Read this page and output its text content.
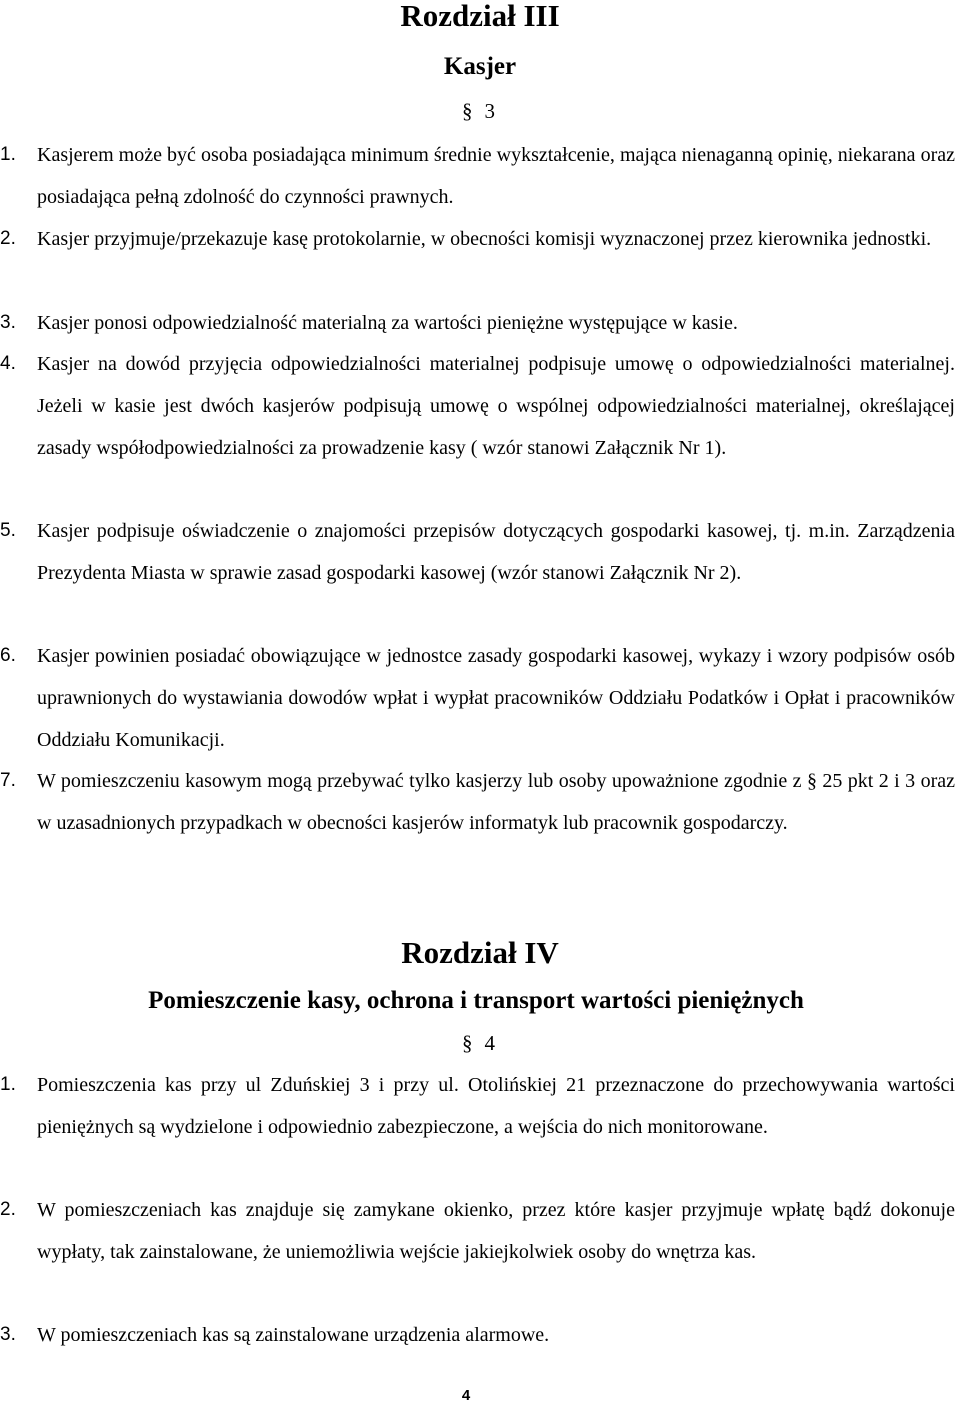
Rozdział III
Kasjer
§ 3
1.	Kasjerem może być osoba posiadająca minimum średnie wykształcenie, mająca nienaganną opinię, niekarana oraz posiadająca pełną zdolność do czynności prawnych.
2.	Kasjer przyjmuje/przekazuje kasę protokolarnie, w obecności komisji wyznaczonej przez kierownika jednostki.
3.	Kasjer ponosi odpowiedzialność materialną za wartości pieniężne występujące w kasie.
4.	Kasjer na dowód przyjęcia odpowiedzialności materialnej podpisuje umowę o odpowiedzialności materialnej. Jeżeli w kasie jest dwóch kasjerów podpisują umowę o wspólnej odpowiedzialności materialnej, określającej zasady współodpowiedzialności za prowadzenie kasy ( wzór stanowi Załącznik Nr 1).
5.	Kasjer podpisuje oświadczenie o znajomości przepisów dotyczących gospodarki kasowej, tj. m.in. Zarządzenia Prezydenta Miasta w sprawie zasad gospodarki kasowej (wzór stanowi Załącznik Nr 2).
6.	Kasjer powinien posiadać obowiązujące w jednostce zasady gospodarki kasowej, wykazy i wzory podpisów osób uprawnionych do wystawiania dowodów wpłat i wypłat pracowników Oddziału Podatków i Opłat i pracowników Oddziału Komunikacji.
7.	W pomieszczeniu kasowym mogą przebywać tylko kasjerzy lub osoby upoważnione zgodnie z § 25 pkt 2 i 3 oraz w uzasadnionych przypadkach w obecności kasjerów informatyk lub pracownik gospodarczy.
Rozdział IV
Pomieszczenie kasy, ochrona i transport wartości pieniężnych
§ 4
1.	Pomieszczenia kas przy ul Zduńskiej 3 i przy ul. Otolińskiej 21 przeznaczone do przechowywania wartości pieniężnych są wydzielone i odpowiednio zabezpieczone, a wejścia do nich monitorowane.
2.	W pomieszczeniach kas znajduje się zamykane okienko, przez które kasjer przyjmuje wpłatę bądź dokonuje wypłaty, tak zainstalowane, że uniemożliwia wejście jakiejkolwiek osoby do wnętrza kas.
3.	W pomieszczeniach kas są zainstalowane urządzenia alarmowe.
4
